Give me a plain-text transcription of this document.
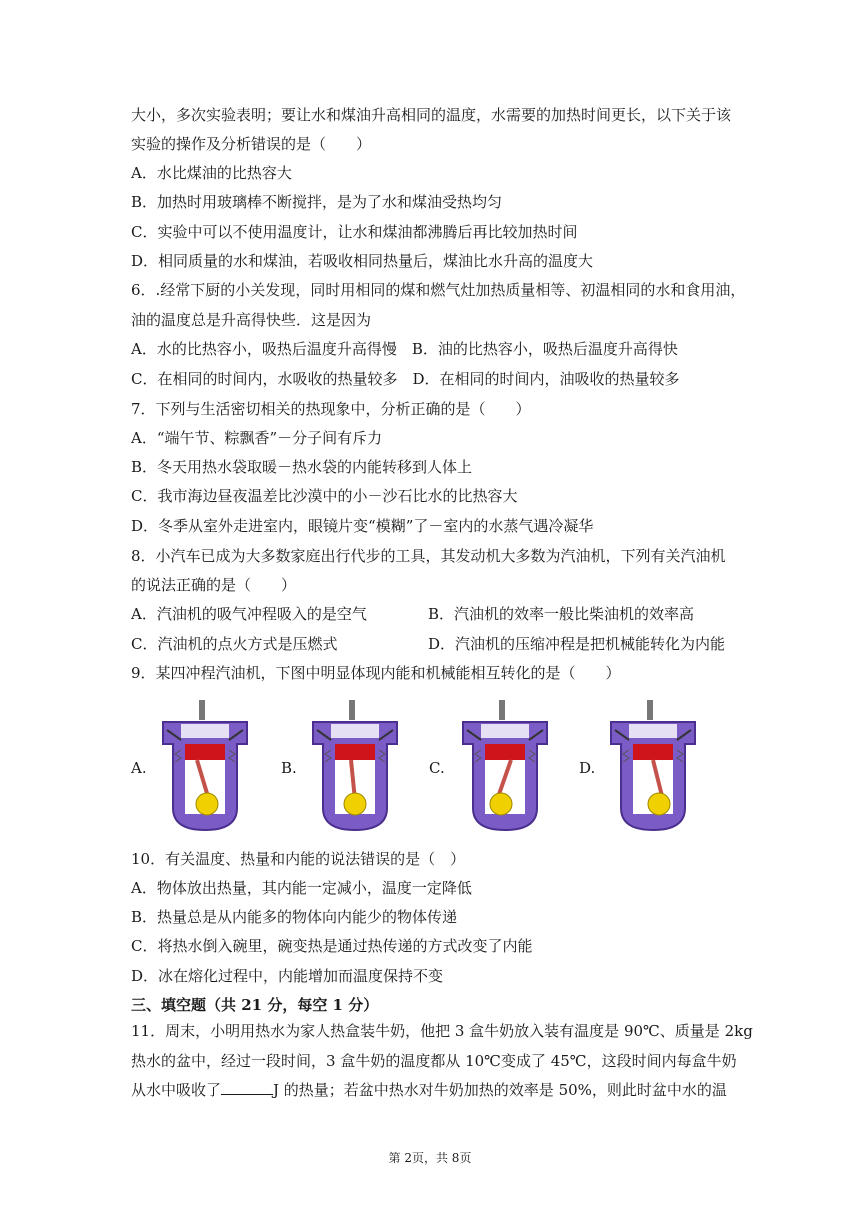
大小，多次实验表明；要让水和煤油升高相同的温度，水需要的加热时间更长，以下关于该
实验的操作及分析错误的是（　　）
A．水比煤油的比热容大
B．加热时用玻璃棒不断搅拌，是为了水和煤油受热均匀
C．实验中可以不使用温度计，让水和煤油都沸腾后再比较加热时间
D．相同质量的水和煤油，若吸收相同热量后，煤油比水升高的温度大
6．.经常下厨的小关发现，同时用相同的煤和燃气灶加热质量相等、初温相同的水和食用油，
油的温度总是升高得快些．这是因为
A．水的比热容小，吸热后温度升高得慢　B．油的比热容小，吸热后温度升高得快
C．在相同的时间内，水吸收的热量较多　D．在相同的时间内，油吸收的热量较多
7．下列与生活密切相关的热现象中，分析正确的是（　　）
A．“端午节、粽飘香”－分子间有斥力
B．冬天用热水袋取暖－热水袋的内能转移到人体上
C．我市海边昼夜温差比沙漠中的小－沙石比水的比热容大
D．冬季从室外走进室内，眼镜片变“模糊”了－室内的水蒸气遇冷凝华
8．小汽车已成为大多数家庭出行代步的工具，其发动机大多数为汽油机，下列有关汽油机
的说法正确的是（　　）
A．汽油机的吸气冲程吸入的是空气	B．汽油机的效率一般比柴油机的效率高
C．汽油机的点火方式是压燃式	D．汽油机的压缩冲程是把机械能转化为内能
9．某四冲程汽油机，下图中明显体现内能和机械能相互转化的是（　　）
A.	B.	C.	D.
10．有关温度、热量和内能的说法错误的是（　）
A．物体放出热量，其内能一定减小，温度一定降低
B．热量总是从内能多的物体向内能少的物体传递
C．将热水倒入碗里，碗变热是通过热传递的方式改变了内能
D．冰在熔化过程中，内能增加而温度保持不变
三、填空题（共 21 分，每空 1 分）
11．周末，小明用热水为家人热盒装牛奶，他把 3 盒牛奶放入装有温度是 90℃、质量是 2kg
热水的盆中，经过一段时间，3 盒牛奶的温度都从 10℃变成了 45℃，这段时间内每盒牛奶
从水中吸收了	J 的热量；若盆中热水对牛奶加热的效率是 50%，则此时盆中水的温
第 2页，共 8页
